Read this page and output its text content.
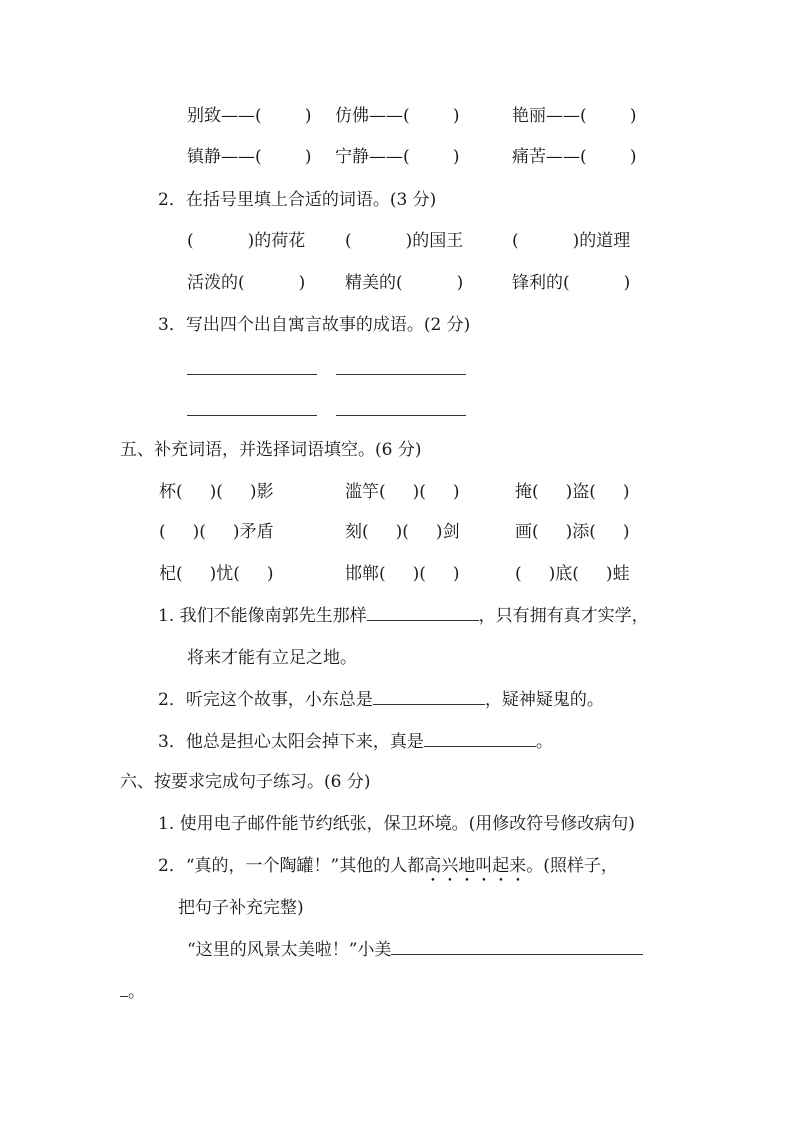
别致——(        ) 仿佛——(        )	艳丽——(        )
镇静——(        ) 宁静——(        )	痛苦——(        )
2．在括号里填上合适的词语。(3 分)
(          )的荷花 (          )的国王	(          )的道理
活泼的(          ) 精美的(          )	锋利的(          )
3．写出四个出自寓言故事的成语。(2 分)
五、补充词语，并选择词语填空。(6 分)
杯(     )(     )影	滥竽(     )(     )	掩(     )盗(     )
(     )(     )矛盾	刻(     )(     )剑	画(     )添(     )
杞(     )忧(     )	邯郸(     )(     )	(     )底(     )蛙
1. 我们不能像南郭先生那样	，只有拥有真才实学，
将来才能有立足之地。
2．听完这个故事，小东总是	，疑神疑鬼的。
3．他总是担心太阳会掉下来，真是	。
六、按要求完成句子练习。(6 分)
1. 使用电子邮件能节约纸张，保卫环境。(用修改符号修改病句)
2．“真的，一个陶罐！”其他的人都高兴地叫起来。(照样子，
把句子补充完整)
“这里的风景太美啦！”小美
。
